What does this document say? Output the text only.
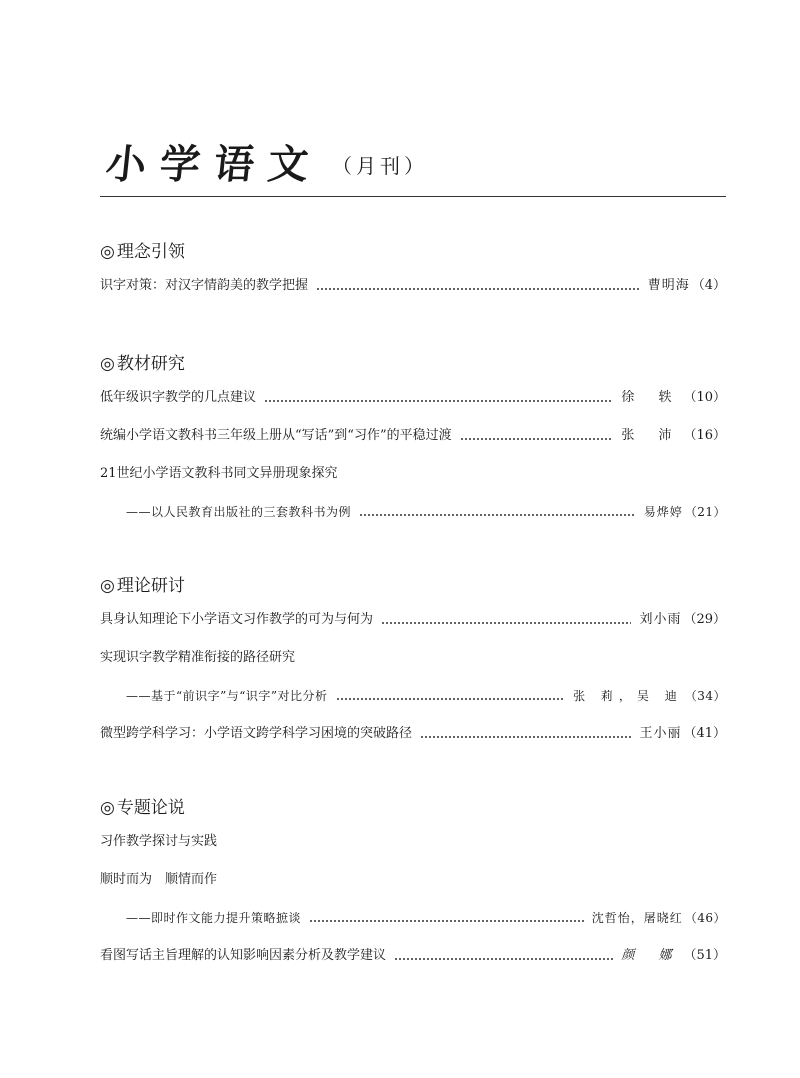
小学语文 （月刊）
◎ 理念引领
识字对策：对汉字情韵美的教学把握	曹明海 （4）
◎ 教材研究
低年级识字教学的几点建议	徐 轶 （10）
统编小学语文教科书三年级上册从“写话”到“习作”的平稳过渡	张 沛 （16）
21世纪小学语文教科书同文异册现象探究
——以人民教育出版社的三套教科书为例	易烨婷 （21）
◎ 理论研讨
具身认知理论下小学语文习作教学的可为与何为	刘小雨 （29）
实现识字教学精准衔接的路径研究
——基于“前识字”与“识字”对比分析	张 莉，吴 迪 （34）
微型跨学科学习：小学语文跨学科学习困境的突破路径	王小丽 （41）
◎ 专题论说
习作教学探讨与实践
顺时而为　顺情而作
——即时作文能力提升策略摭谈	沈哲怡，屠晓红 （46）
看图写话主旨理解的认知影响因素分析及教学建议	颜 娜 （51）
